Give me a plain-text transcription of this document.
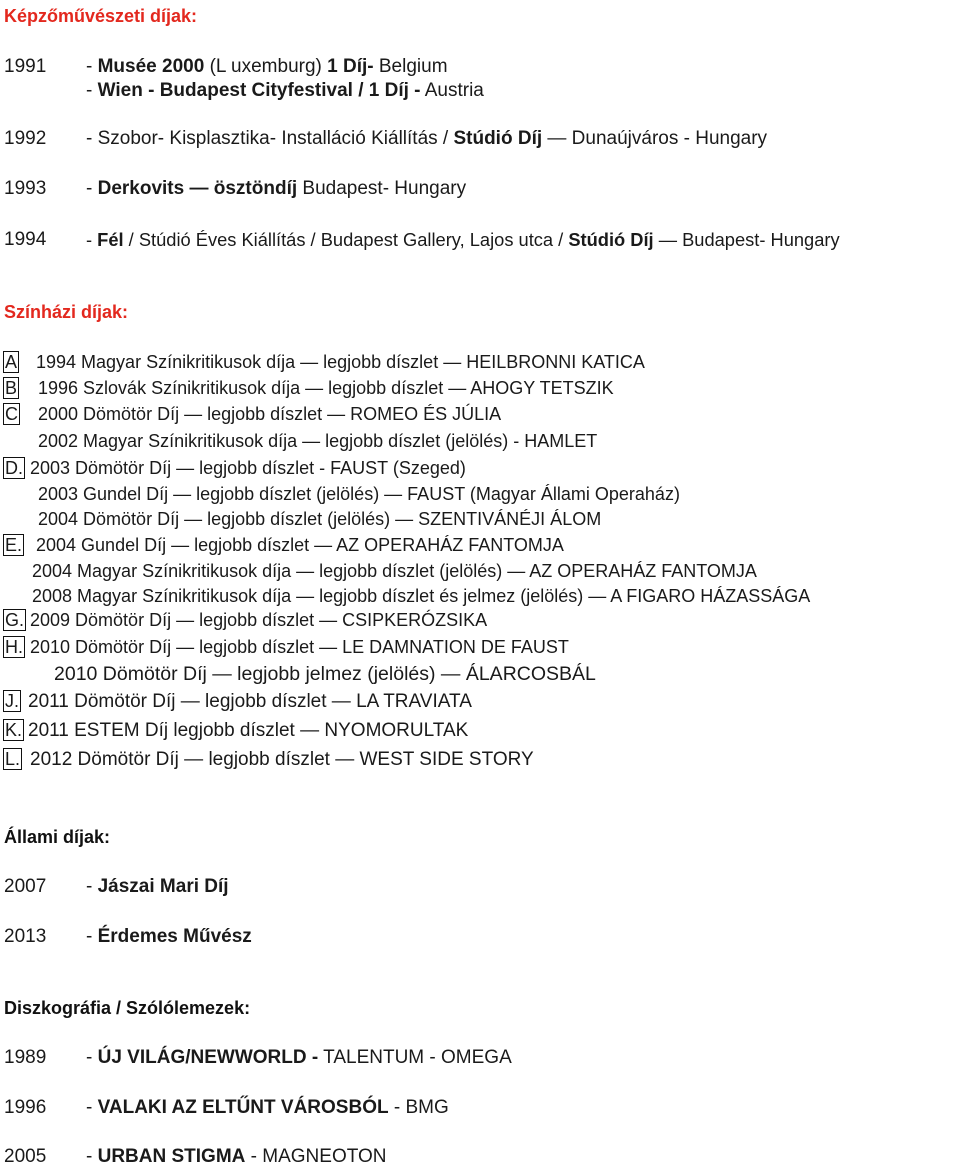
Képzőművészeti díjak:
1991 - Musée 2000 (L uxemburg) 1 Díj- Belgium
- Wien - Budapest Cityfestival / 1 Díj - Austria
1992 - Szobor- Kisplasztika- Installáció Kiállítás / Stúdió Díj — Dunaújváros - Hungary
1993 - Derkovits — ösztöndíj Budapest- Hungary
1994 - Fél / Stúdió Éves Kiállítás / Budapest Gallery, Lajos utca / Stúdió Díj — Budapest- Hungary
Színházi díjak:
A	1994 Magyar Színikritikusok díja — legjobb díszlet — HEILBRONNI KATICA
B	1996 Szlovák Színikritikusok díja — legjobb díszlet — AHOGY TETSZIK
C	2000 Dömötör Díj — legjobb díszlet — ROMEO ÉS JÚLIA
2002 Magyar Színikritikusok díja — legjobb díszlet (jelölés) - HAMLET
D. 2003 Dömötör Díj — legjobb díszlet - FAUST (Szeged)
2003 Gundel Díj — legjobb díszlet (jelölés) — FAUST (Magyar Állami Operaház)
2004 Dömötör Díj — legjobb díszlet (jelölés) — SZENTIVÁNÉJI ÁLOM
E. 2004 Gundel Díj — legjobb díszlet — AZ OPERAHÁZ FANTOMJA
2004 Magyar Színikritikusok díja — legjobb díszlet (jelölés) — AZ OPERAHÁZ FANTOMJA
2008 Magyar Színikritikusok díja — legjobb díszlet és jelmez (jelölés) — A FIGARO HÁZASSÁGA
G. 2009 Dömötör Díj — legjobb díszlet — CSIPKERÓZSIKA
H. 2010 Dömötör Díj — legjobb díszlet — LE DAMNATION DE FAUST
2010 Dömötör Díj — legjobb jelmez (jelölés) — ÁLARCOSBÁL
J. 2011 Dömötör Díj — legjobb díszlet — LA TRAVIATA
K. 2011 ESTEM Díj legjobb díszlet — NYOMORULTAK
L. 2012 Dömötör Díj — legjobb díszlet — WEST SIDE STORY
Állami díjak:
2007 - Jászai Mari Díj
2013 - Érdemes Művész
Diszkográfia / Szólólemezek:
1989 - ÚJ VILÁG/NEWWORLD - TALENTUM - OMEGA
1996 - VALAKI AZ ELTŰNT VÁROSBÓL - BMG
2005 - URBAN STIGMA - MAGNEOTON
